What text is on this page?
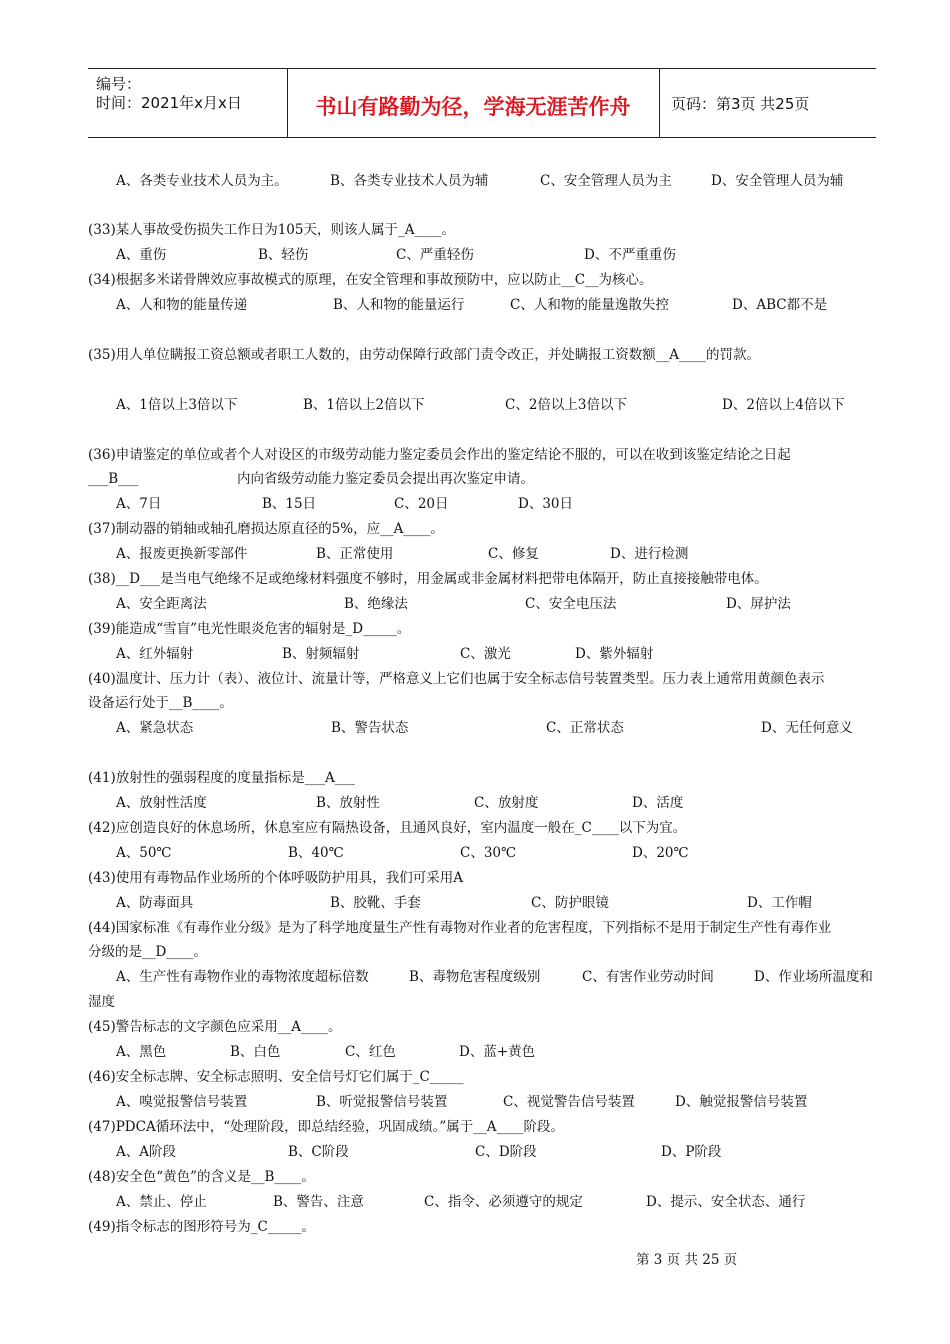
编号：
时间：2021年x月x日	书山有路勤为径，学海无涯苦作舟	页码：第3页 共25页
A、各类专业技术人员为主。	B、各类专业技术人员为辅	C、安全管理人员为主	D、安全管理人员为辅
(33)某人事故受伤损失工作日为105天，则该人属于_A____。
A、重伤	B、轻伤	C、严重轻伤	D、不严重重伤
(34)根据多米诺骨牌效应事故模式的原理，在安全管理和事故预防中，应以防止__C__为核心。
A、人和物的能量传递	B、人和物的能量运行	C、人和物的能量逸散失控	D、ABC都不是
(35)用人单位瞒报工资总额或者职工人数的，由劳动保障行政部门责令改正，并处瞒报工资数额__A____的罚款。
A、1倍以上3倍以下	B、1倍以上2倍以下	C、2倍以上3倍以下	D、2倍以上4倍以下
(36)申请鉴定的单位或者个人对设区的市级劳动能力鉴定委员会作出的鉴定结论不服的，可以在收到该鉴定结论之日起
___B___	内向省级劳动能力鉴定委员会提出再次鉴定申请。
A、7日	B、15日	C、20日	D、30日
(37)制动器的销轴或轴孔磨损达原直径的5%，应__A____。
A、报废更换新零部件	B、正常使用	C、修复	D、进行检测
(38)__D___是当电气绝缘不足或绝缘材料强度不够时，用金属或非金属材料把带电体隔开，防止直接接触带电体。
A、安全距离法	B、绝缘法	C、安全电压法	D、屏护法
(39)能造成“雪盲”电光性眼炎危害的辐射是_D_____。
A、红外辐射	B、射频辐射	C、激光	D、紫外辐射
(40)温度计、压力计（表）、液位计、流量计等，严格意义上它们也属于安全标志信号装置类型。压力表上通常用黄颜色表示
设备运行处于__B____。
A、紧急状态	B、警告状态	C、正常状态	D、无任何意义
(41)放射性的强弱程度的度量指标是___A___
A、放射性活度	B、放射性	C、放射度	D、活度
(42)应创造良好的休息场所，休息室应有隔热设备，且通风良好，室内温度一般在_C____以下为宜。
A、50℃	B、40℃	C、30℃	D、20℃
(43)使用有毒物品作业场所的个体呼吸防护用具，我们可采用A
A、防毒面具	B、胶靴、手套	C、防护眼镜	D、工作帽
(44)国家标准《有毒作业分级》是为了科学地度量生产性有毒物对作业者的危害程度，下列指标不是用于制定生产性有毒作业
分级的是__D____。
A、生产性有毒物作业的毒物浓度超标倍数	B、毒物危害程度级别	C、有害作业劳动时间	D、作业场所温度和
湿度
(45)警告标志的文字颜色应采用__A____。
A、黑色	B、白色	C、红色	D、蓝+黄色
(46)安全标志牌、安全标志照明、安全信号灯它们属于_C_____
A、嗅觉报警信号装置	B、听觉报警信号装置	C、视觉警告信号装置	D、触觉报警信号装置
(47)PDCA循环法中，“处理阶段，即总结经验，巩固成绩。”属于__A____阶段。
A、A阶段	B、C阶段	C、D阶段	D、P阶段
(48)安全色“黄色”的含义是__B____。
A、禁止、停止	B、警告、注意	C、指令、必须遵守的规定	D、提示、安全状态、通行
(49)指令标志的图形符号为_C_____。
第 3 页 共 25 页
